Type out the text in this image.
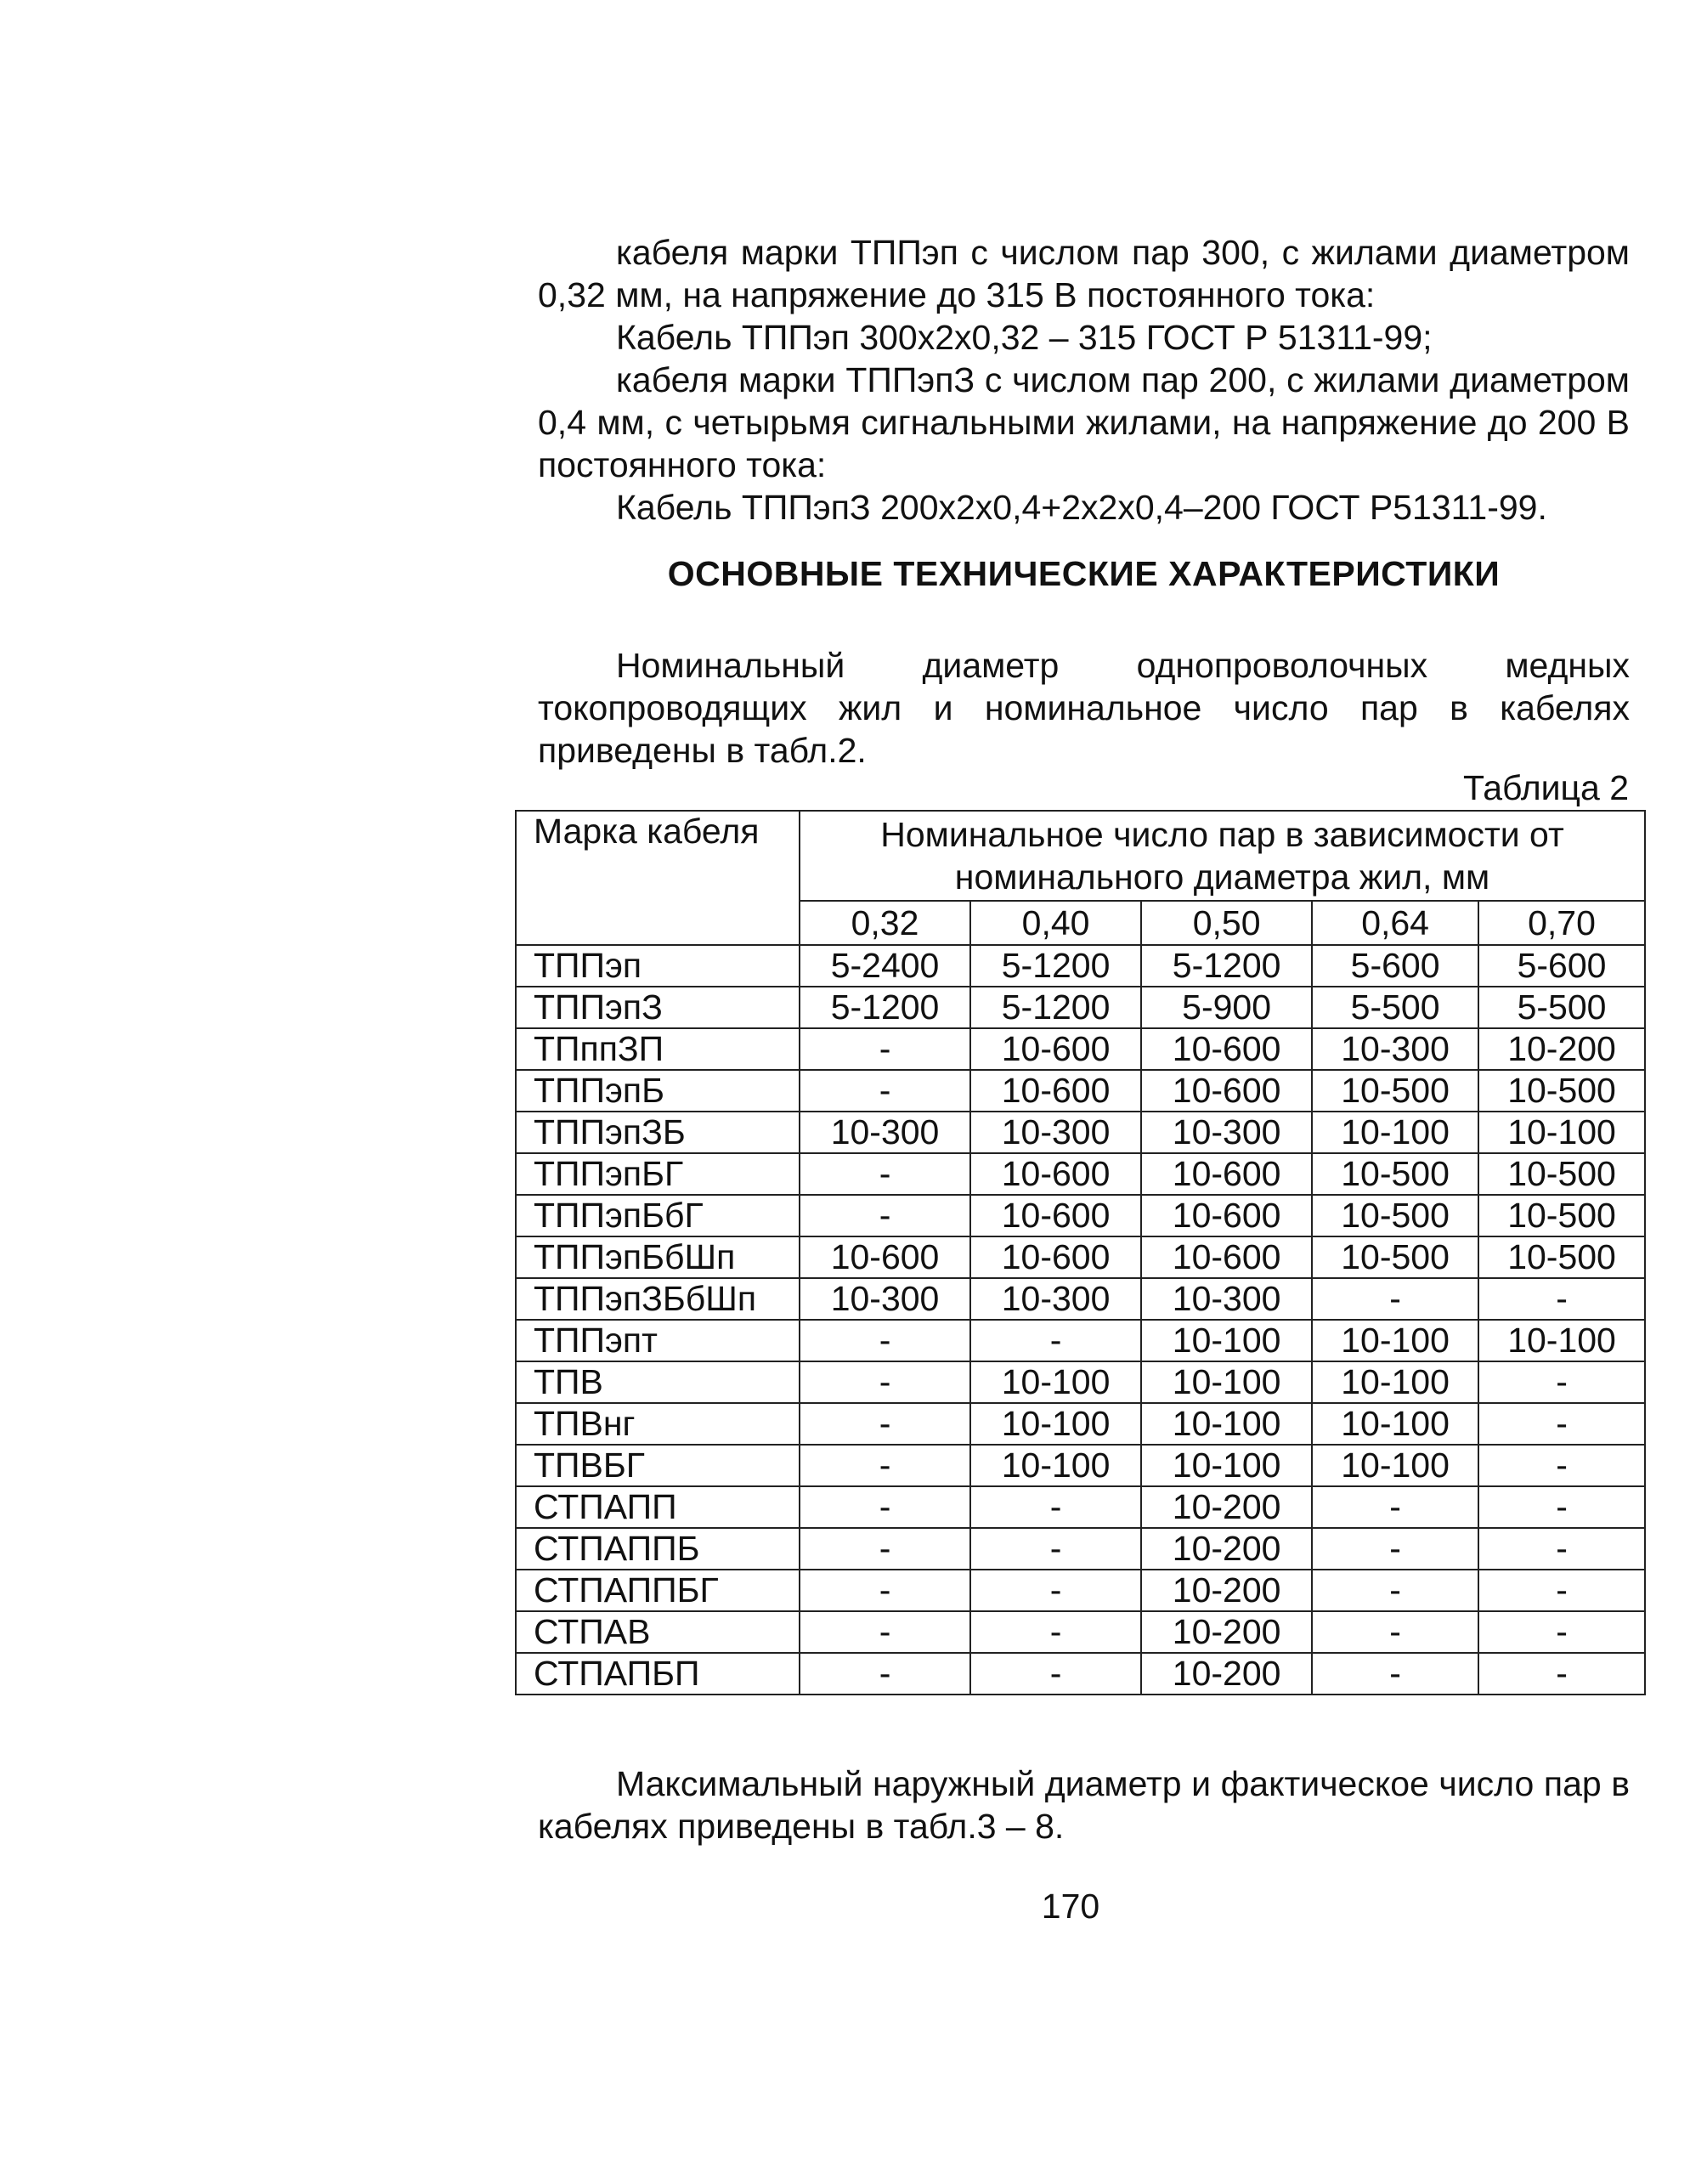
кабеля марки ТППэп с числом пар 300, с жилами диаметром 0,32 мм, на напряжение до 315 В постоянного тока:

Кабель ТППэп 300х2х0,32 – 315 ГОСТ Р 51311-99;

кабеля марки ТППэпЗ с числом пар 200, с жилами диаметром 0,4 мм, с четырьмя сигнальными жилами, на напряжение до 200 В постоянного тока:

Кабель ТППэпЗ 200х2х0,4+2х2х0,4–200 ГОСТ Р51311-99.

ОСНОВНЫЕ ТЕХНИЧЕСКИЕ ХАРАКТЕРИСТИКИ

Номинальный диаметр однопроволочных медных токопроводящих жил и номинальное число пар в кабелях приведены в табл.2.

Таблица 2

Марка кабеля	Номинальное число пар в зависимости от номинального диаметра жил, мм				
	0,32	0,40	0,50	0,64	0,70
ТППэп	5-2400	5-1200	5-1200	5-600	5-600
ТППэпЗ	5-1200	5-1200	5-900	5-500	5-500
ТПппЗП	-	10-600	10-600	10-300	10-200
ТППэпБ	-	10-600	10-600	10-500	10-500
ТППэпЗБ	10-300	10-300	10-300	10-100	10-100
ТППэпБГ	-	10-600	10-600	10-500	10-500
ТППэпБбГ	-	10-600	10-600	10-500	10-500
ТППэпБбШп	10-600	10-600	10-600	10-500	10-500
ТППэпЗБбШп	10-300	10-300	10-300	-	-
ТППэпт	-	-	10-100	10-100	10-100
ТПВ	-	10-100	10-100	10-100	-
ТПВнг	-	10-100	10-100	10-100	-
ТПВБГ	-	10-100	10-100	10-100	-
СТПАПП	-	-	10-200	-	-
СТПАППБ	-	-	10-200	-	-
СТПАППБГ	-	-	10-200	-	-
СТПАВ	-	-	10-200	-	-
СТПАПБП	-	-	10-200	-	-

Максимальный наружный диаметр и фактическое число пар в кабелях приведены в табл.3 – 8.

170
